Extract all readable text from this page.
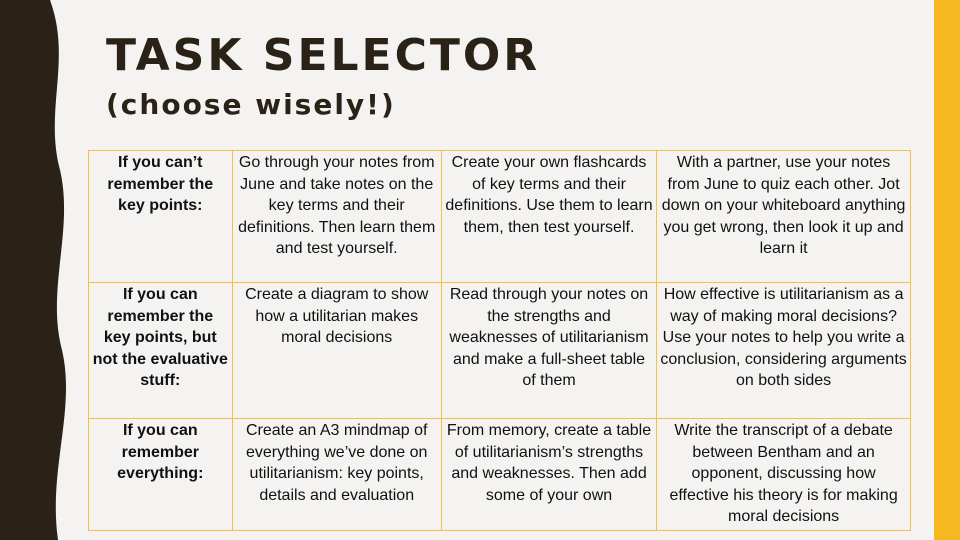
TASK SELECTOR
(choose wisely!)
If you can’t remember the key points:	Go through your notes from June and take notes on the key terms and their definitions. Then learn them and test yourself.	Create your own flashcards of key terms and their definitions. Use them to learn them, then test yourself.	With a partner, use your notes from June to quiz each other. Jot down on your whiteboard anything you get wrong, then look it up and learn it
If you can remember the key points, but not the evaluative stuff:	Create a diagram to show how a utilitarian makes moral decisions	Read through your notes on the strengths and weaknesses of utilitarianism and make a full-sheet table of them	How effective is utilitarianism as a way of making moral decisions? Use your notes to help you write a conclusion, considering arguments on both sides
If you can remember everything:	Create an A3 mindmap of everything we’ve done on utilitarianism: key points, details and evaluation	From memory, create a table of utilitarianism’s strengths and weaknesses. Then add some of your own	Write the transcript of a debate between Bentham and an opponent, discussing how effective his theory is for making moral decisions
